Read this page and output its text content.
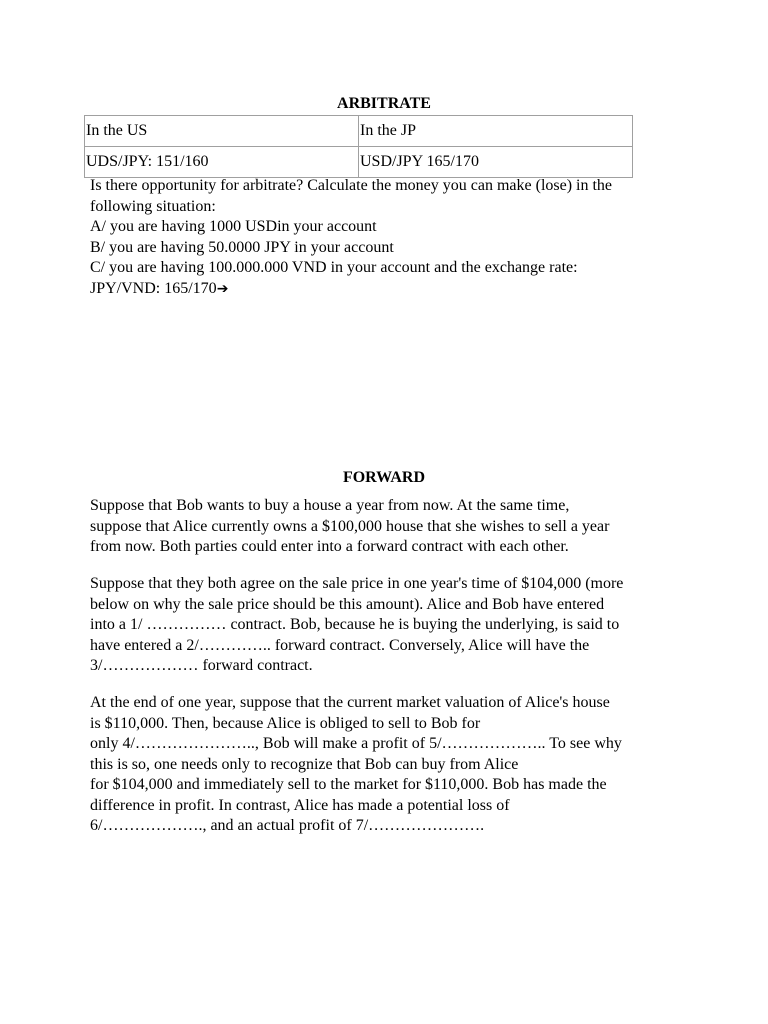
ARBITRATE
In the US	In the JP
UDS/JPY: 151/160	USD/JPY 165/170

Is there opportunity for arbitrate? Calculate the money you can make (lose) in the

following situation:

A/ you are having 1000 USDin your account

B/ you are having 50.0000 JPY in your account

C/ you are having 100.000.000 VND in your account and the exchange rate:

JPY/VND: 165/170➔

FORWARD

Suppose that Bob wants to buy a house a year from now. At the same time,

suppose that Alice currently owns a $100,000 house that she wishes to sell a year

from now. Both parties could enter into a forward contract with each other.

Suppose that they both agree on the sale price in one year's time of $104,000 (more

below on why the sale price should be this amount). Alice and Bob have entered

into a 1/ …………… contract. Bob, because he is buying the underlying, is said to

have entered a 2/………….. forward contract. Conversely, Alice will have the

3/……………… forward contract.

At the end of one year, suppose that the current market valuation of Alice's house

is $110,000. Then, because Alice is obliged to sell to Bob for

only 4/………………….., Bob will make a profit of 5/……………….. To see why

this is so, one needs only to recognize that Bob can buy from Alice

for $104,000 and immediately sell to the market for $110,000. Bob has made the

difference in profit. In contrast, Alice has made a potential loss of

6/………………., and an actual profit of 7/………………….
